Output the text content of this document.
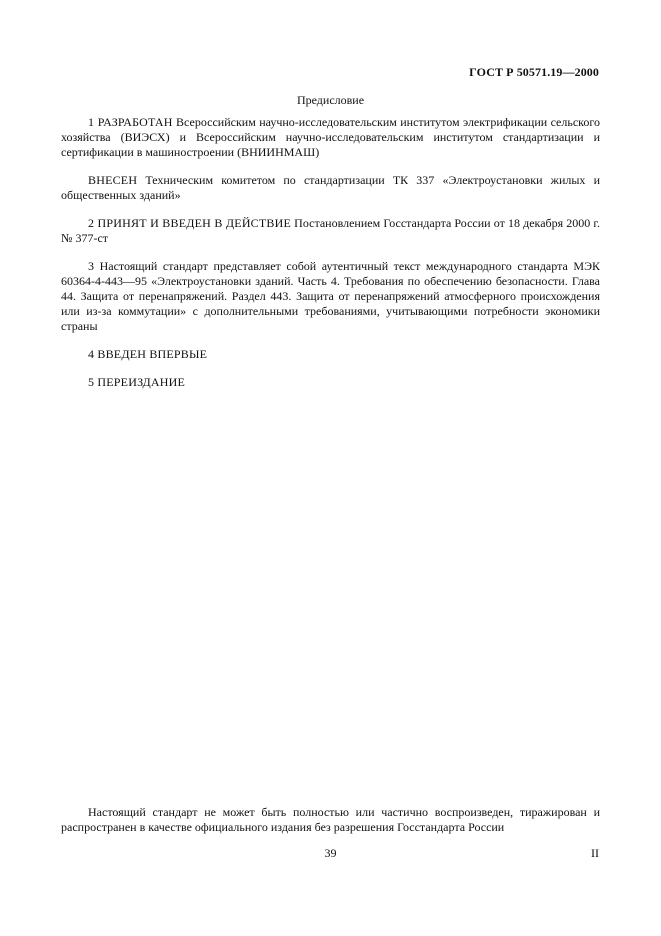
ГОСТ Р 50571.19—2000
Предисловие

1 РАЗРАБОТАН Всероссийским научно-исследовательским институтом электрификации сельского хозяйства (ВИЭСХ) и Всероссийским научно-исследовательским институтом стандартизации и сертификации в машиностроении (ВНИИНМАШ)

ВНЕСЕН Техническим комитетом по стандартизации ТК 337 «Электроустановки жилых и общественных зданий»

2 ПРИНЯТ И ВВЕДЕН В ДЕЙСТВИЕ Постановлением Госстандарта России от 18 декабря 2000 г. № 377-ст

3 Настоящий стандарт представляет собой аутентичный текст международного стандарта МЭК 60364-4-443—95 «Электроустановки зданий. Часть 4. Требования по обеспечению безопасности. Глава 44. Защита от перенапряжений. Раздел 443. Защита от перенапряжений атмосферного происхождения или из-за коммутации» с дополнительными требованиями, учитывающими потребности экономики страны

4 ВВЕДЕН ВПЕРВЫЕ

5 ПЕРЕИЗДАНИЕ

Настоящий стандарт не может быть полностью или частично воспроизведен, тиражирован и распространен в качестве официального издания без разрешения Госстандарта России

39	II
